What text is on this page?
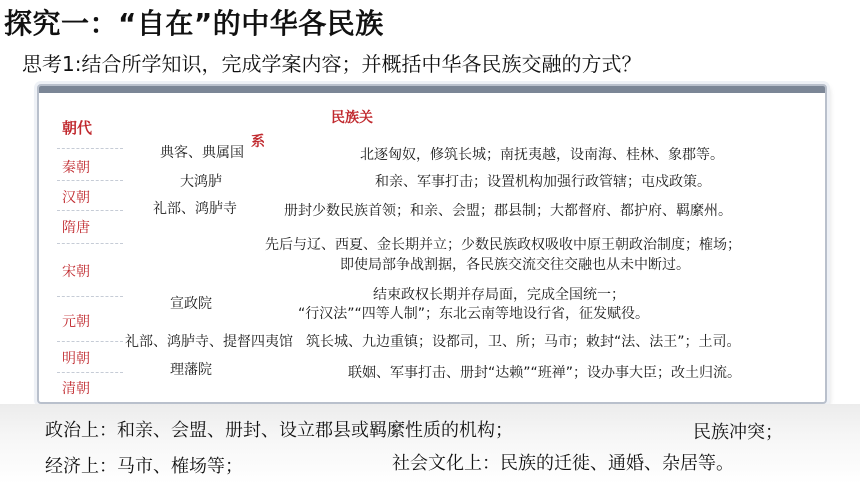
探究一：“自在”的中华各民族
思考1:结合所学知识，完成学案内容；并概括中华各民族交融的方式？
朝代
秦朝
汉朝
隋唐
宋朝
元朝
明朝
清朝
民族关
系
典客、典属国
大鸿胪
礼部、鸿胪寺
宣政院
礼部、鸿胪寺、提督四夷馆
理藩院
北逐匈奴，修筑长城；南抚夷越，设南海、桂林、象郡等。
和亲、军事打击；设置机构加强行政管辖；屯戍政策。
册封少数民族首领；和亲、会盟；郡县制；大都督府、都护府、羁縻州。
先后与辽、西夏、金长期并立；少数民族政权吸收中原王朝政治制度；榷场；
即使局部争战割据，各民族交流交往交融也从未中断过。
结束政权长期并存局面，完成全国统一；
“行汉法”“四等人制”；东北云南等地设行省，征发赋役。
筑长城、九边重镇；设都司，卫、所；马市；敕封“法、法王”；土司。
联姻、军事打击、册封“达赖”“班禅”；设办事大臣；改土归流。
政治上：和亲、会盟、册封、设立郡县或羁縻性质的机构；	民族冲突；
经济上：马市、榷场等；	社会文化上：民族的迁徙、通婚、杂居等。
